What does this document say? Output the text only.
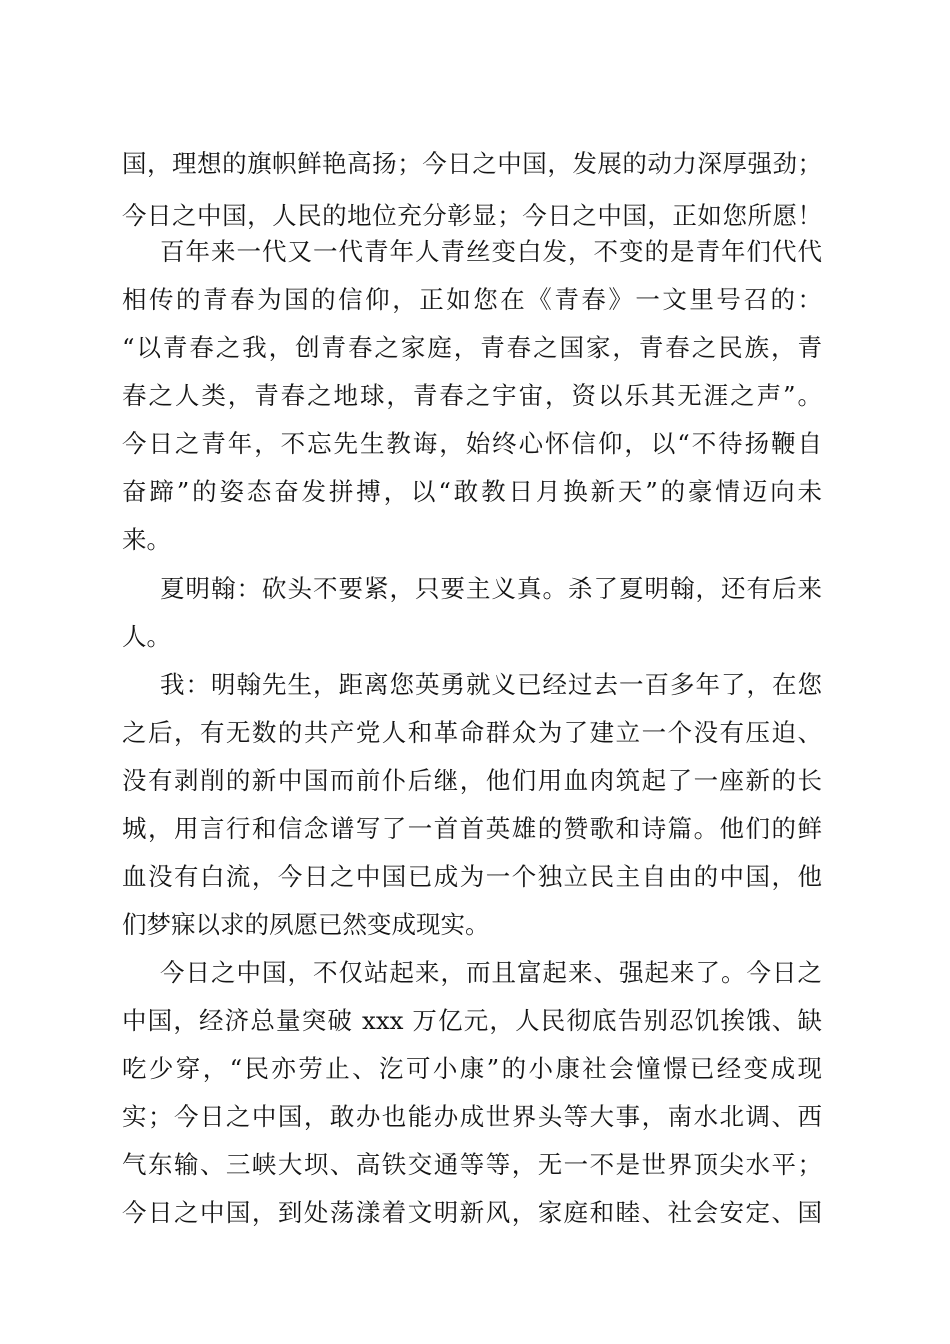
国，理想的旗帜鲜艳高扬；今日之中国，发展的动力深厚强劲；
今日之中国，人民的地位充分彰显；今日之中国，正如您所愿！
百年来一代又一代青年人青丝变白发，不变的是青年们代代
相传的青春为国的信仰，正如您在《青春》一文里号召的：
“以青春之我，创青春之家庭，青春之国家，青春之民族，青
春之人类，青春之地球，青春之宇宙，资以乐其无涯之声”。
今日之青年，不忘先生教诲，始终心怀信仰，以“不待扬鞭自
奋蹄”的姿态奋发拼搏，以“敢教日月换新天”的豪情迈向未
来。
夏明翰：砍头不要紧，只要主义真。杀了夏明翰，还有后来
人。
我：明翰先生，距离您英勇就义已经过去一百多年了，在您
之后，有无数的共产党人和革命群众为了建立一个没有压迫、
没有剥削的新中国而前仆后继，他们用血肉筑起了一座新的长
城，用言行和信念谱写了一首首英雄的赞歌和诗篇。他们的鲜
血没有白流，今日之中国已成为一个独立民主自由的中国，他
们梦寐以求的夙愿已然变成现实。
今日之中国，不仅站起来，而且富起来、强起来了。今日之
中国，经济总量突破 xxx 万亿元，人民彻底告别忍饥挨饿、缺
吃少穿，“民亦劳止、汔可小康”的小康社会憧憬已经变成现
实；今日之中国，敢办也能办成世界头等大事，南水北调、西
气东输、三峡大坝、高铁交通等等，无一不是世界顶尖水平；
今日之中国，到处荡漾着文明新风，家庭和睦、社会安定、国
